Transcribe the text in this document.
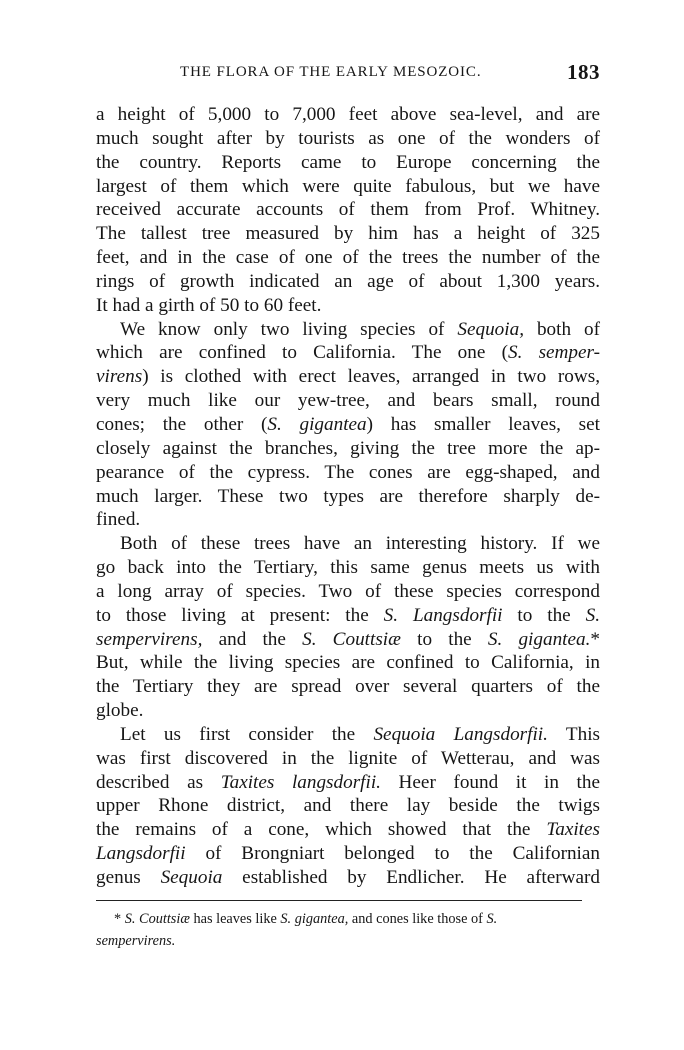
THE FLORA OF THE EARLY MESOZOIC.	183
a height of 5,000 to 7,000 feet above sea-level, and are
much sought after by tourists as one of the wonders of
the country. Reports came to Europe concerning the
largest of them which were quite fabulous, but we have
received accurate accounts of them from Prof. Whitney.
The tallest tree measured by him has a height of 325
feet, and in the case of one of the trees the number of the
rings of growth indicated an age of about 1,300 years.
It had a girth of 50 to 60 feet.
We know only two living species of Sequoia, both of
which are confined to California. The one (S. semper-
virens) is clothed with erect leaves, arranged in two rows,
very much like our yew-tree, and bears small, round
cones; the other (S. gigantea) has smaller leaves, set
closely against the branches, giving the tree more the ap-
pearance of the cypress. The cones are egg-shaped, and
much larger. These two types are therefore sharply de-
fined.
Both of these trees have an interesting history. If we
go back into the Tertiary, this same genus meets us with
a long array of species. Two of these species correspond
to those living at present: the S. Langsdorfii to the S.
sempervirens, and the S. Couttsiæ to the S. gigantea.*
But, while the living species are confined to California, in
the Tertiary they are spread over several quarters of the
globe.
Let us first consider the Sequoia Langsdorfii. This
was first discovered in the lignite of Wetterau, and was
described as Taxites langsdorfii. Heer found it in the
upper Rhone district, and there lay beside the twigs
the remains of a cone, which showed that the Taxites
Langsdorfii of Brongniart belonged to the Californian
genus Sequoia established by Endlicher. He afterward
* S. Couttsiæ has leaves like S. gigantea, and cones like those of S.
sempervirens.
